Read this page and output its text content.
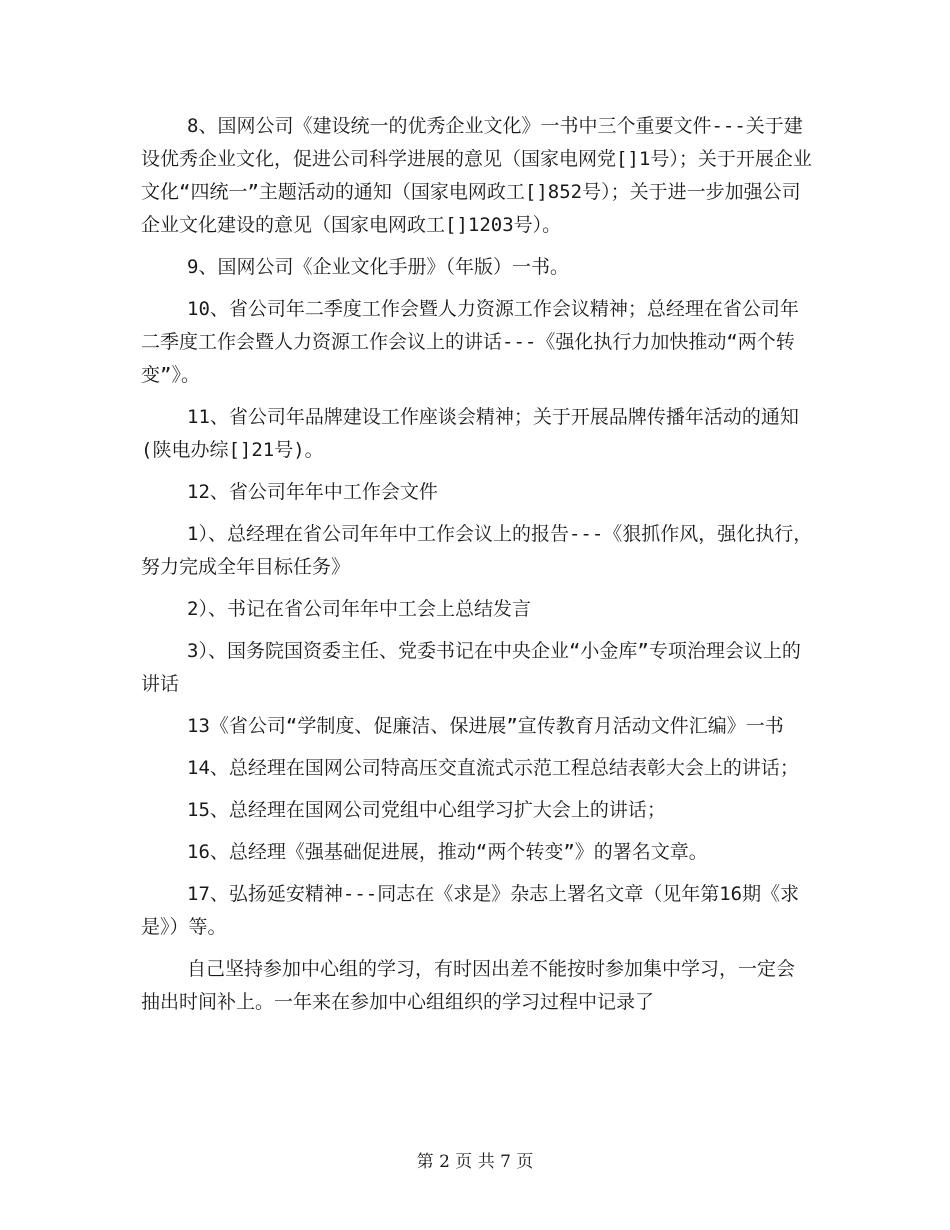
8、国网公司《建设统一的优秀企业文化》一书中三个重要文件---关于建设优秀企业文化，促进公司科学进展的意见（国家电网党[]1号）；关于开展企业文化“四统一”主题活动的通知（国家电网政工[]852号）；关于进一步加强公司企业文化建设的意见（国家电网政工[]1203号）。

9、国网公司《企业文化手册》（年版）一书。

10、省公司年二季度工作会暨人力资源工作会议精神；总经理在省公司年二季度工作会暨人力资源工作会议上的讲话---《强化执行力加快推动“两个转变”》。

11、省公司年品牌建设工作座谈会精神；关于开展品牌传播年活动的通知(陕电办综[]21号)。

12、省公司年年中工作会文件

1）、总经理在省公司年年中工作会议上的报告---《狠抓作风，强化执行，努力完成全年目标任务》

2）、书记在省公司年年中工会上总结发言

3）、国务院国资委主任、党委书记在中央企业“小金库”专项治理会议上的讲话

13《省公司“学制度、促廉洁、保进展”宣传教育月活动文件汇编》一书

14、总经理在国网公司特高压交直流式示范工程总结表彰大会上的讲话；

15、总经理在国网公司党组中心组学习扩大会上的讲话；

16、总经理《强基础促进展，推动“两个转变”》的署名文章。

17、弘扬延安精神---同志在《求是》杂志上署名文章（见年第16期《求是》）等。

自己坚持参加中心组的学习，有时因出差不能按时参加集中学习，一定会抽出时间补上。一年来在参加中心组组织的学习过程中记录了

第 2 页 共 7 页
